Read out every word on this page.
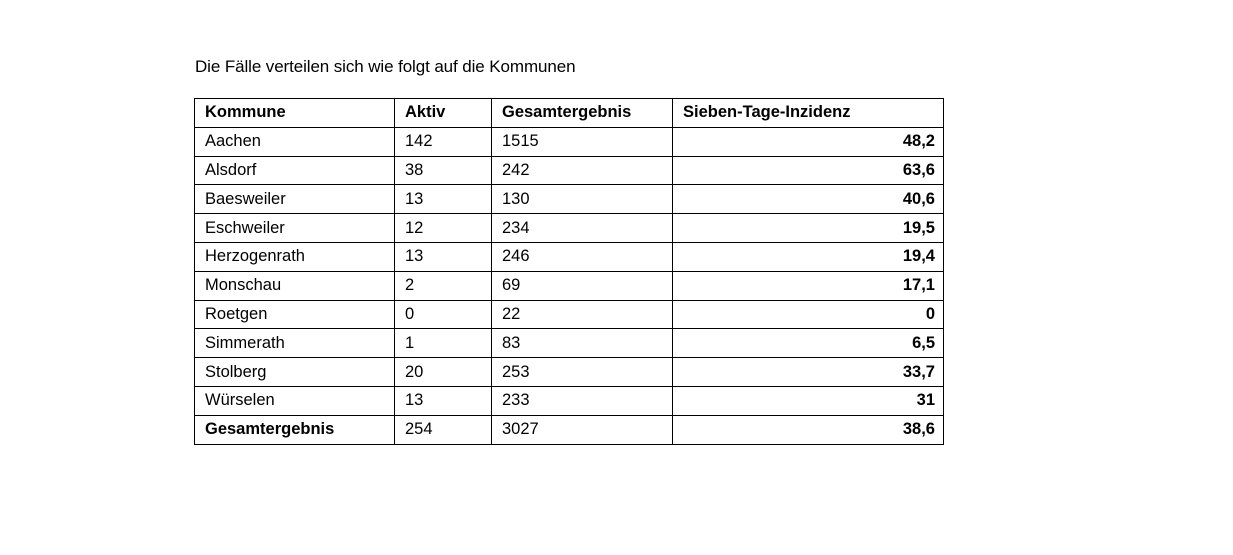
Die Fälle verteilen sich wie folgt auf die Kommunen
Kommune	Aktiv	Gesamtergebnis	Sieben-Tage-Inzidenz
Aachen	142	1515	48,2
Alsdorf	38	242	63,6
Baesweiler	13	130	40,6
Eschweiler	12	234	19,5
Herzogenrath	13	246	19,4
Monschau	2	69	17,1
Roetgen	0	22	0
Simmerath	1	83	6,5
Stolberg	20	253	33,7
Würselen	13	233	31
Gesamtergebnis	254	3027	38,6
